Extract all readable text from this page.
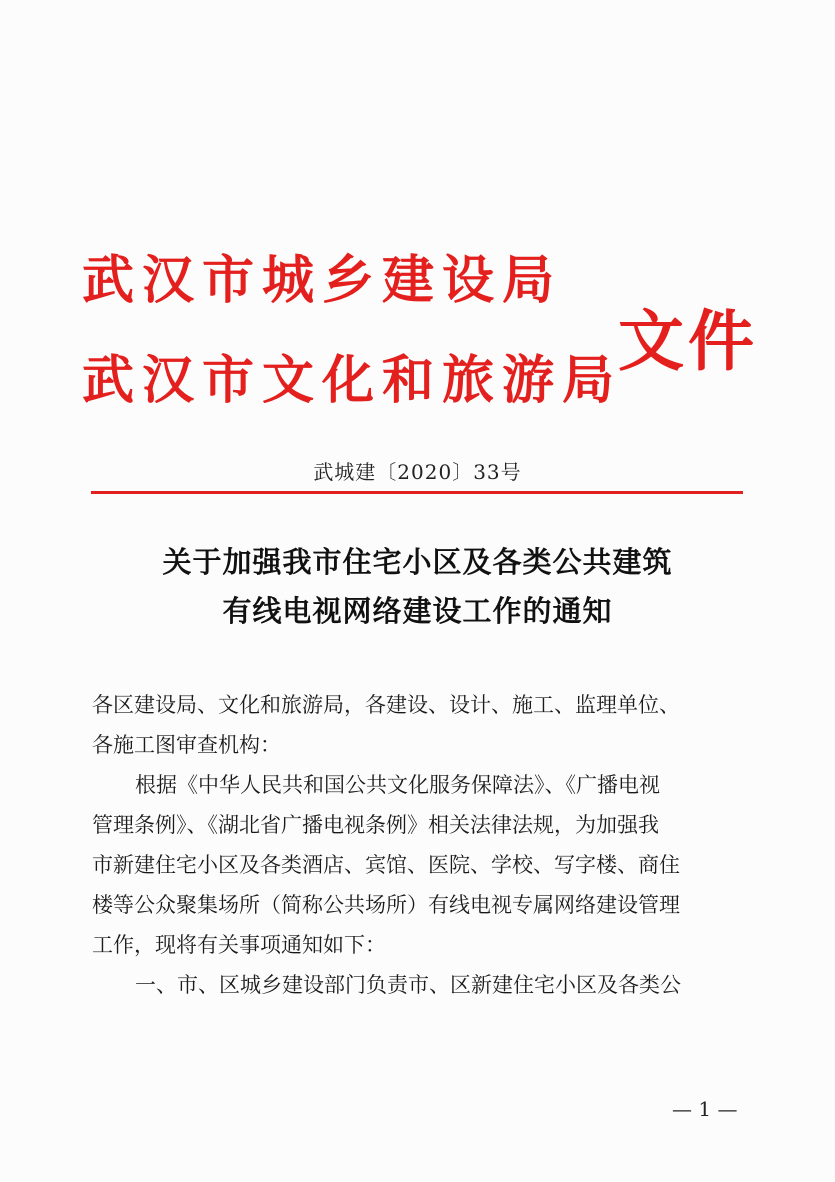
武汉市城乡建设局
武汉市文化和旅游局
文件
武城建〔2020〕33号
关于加强我市住宅小区及各类公共建筑
有线电视网络建设工作的通知
各区建设局、文化和旅游局，各建设、设计、施工、监理单位、
各施工图审查机构：
根据《中华人民共和国公共文化服务保障法》、《广播电视
管理条例》、《湖北省广播电视条例》相关法律法规，为加强我
市新建住宅小区及各类酒店、宾馆、医院、学校、写字楼、商住
楼等公众聚集场所（简称公共场所）有线电视专属网络建设管理
工作，现将有关事项通知如下：
一、市、区城乡建设部门负责市、区新建住宅小区及各类公
— 1 —
